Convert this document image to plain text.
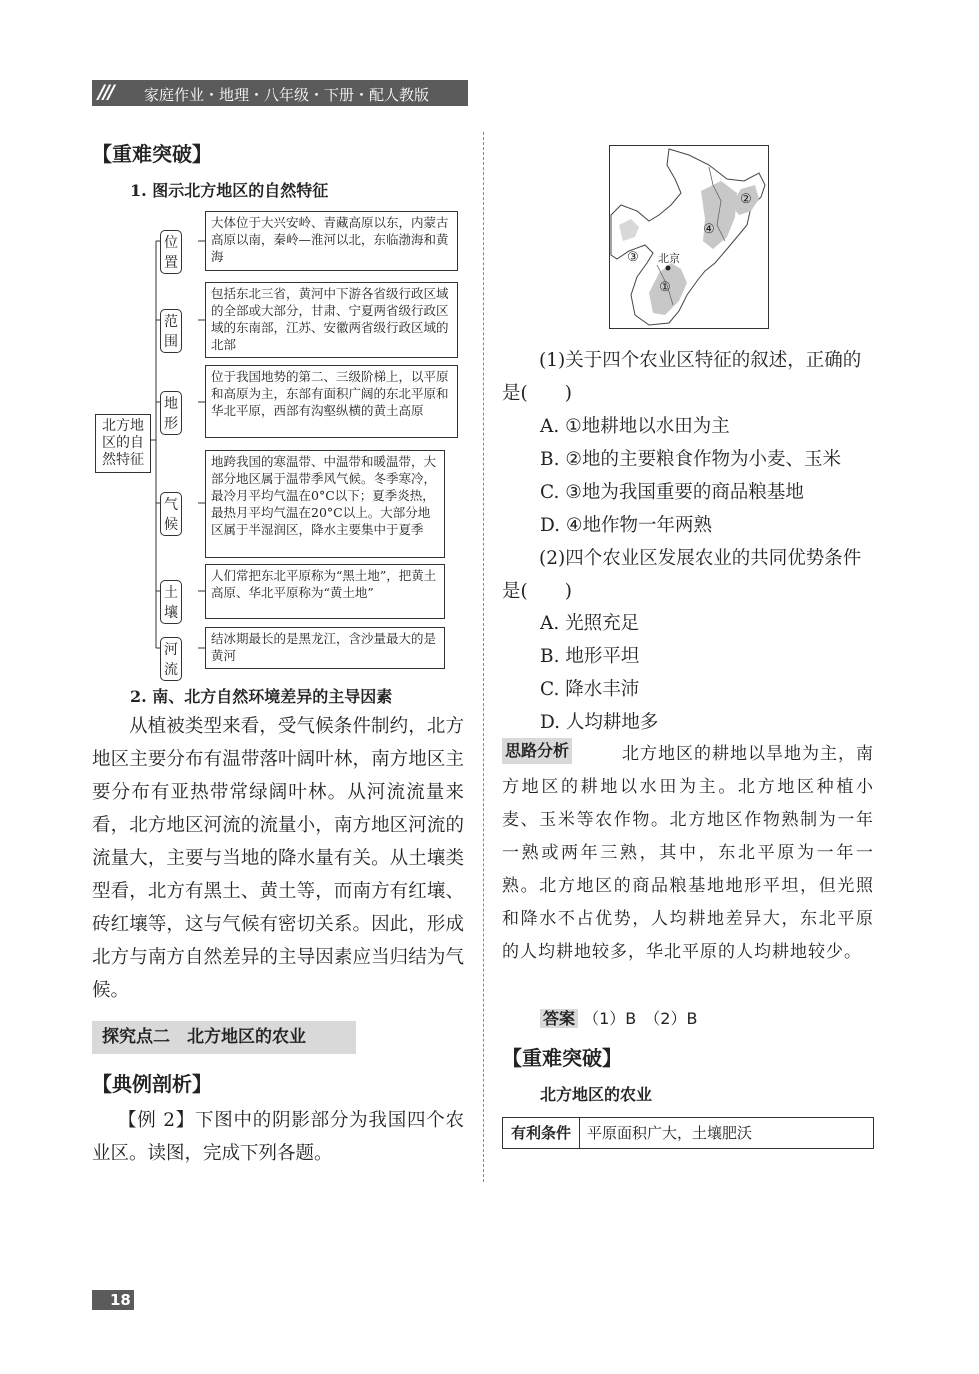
/// 家庭作业・地理・八年级・下册・配人教版
【重难突破】
1. 图示北方地区的自然特征
北方地区的自然特征
位置
大体位于大兴安岭、青藏高原以东，内蒙古高原以南，秦岭—淮河以北，东临渤海和黄海
范围
包括东北三省，黄河中下游各省级行政区域的全部或大部分，甘肃、宁夏两省级行政区域的东南部，江苏、安徽两省级行政区域的北部
地形
位于我国地势的第二、三级阶梯上，以平原和高原为主，东部有面积广阔的东北平原和华北平原，西部有沟壑纵横的黄土高原
气候
地跨我国的寒温带、中温带和暖温带，大部分地区属于温带季风气候。冬季寒冷，最冷月平均气温在0°C以下；夏季炎热，最热月平均气温在20°C以上。大部分地区属于半湿润区，降水主要集中于夏季
土壤
人们常把东北平原称为“黑土地”，把黄土高原、华北平原称为“黄土地”
河流
结冰期最长的是黑龙江，含沙量最大的是黄河
2. 南、北方自然环境差异的主导因素
从植被类型来看，受气候条件制约，北方地区主要分布有温带落叶阔叶林，南方地区主要分布有亚热带常绿阔叶林。从河流流量来看，北方地区河流的流量小，南方地区河流的流量大，主要与当地的降水量有关。从土壤类型看，北方有黑土、黄土等，而南方有红壤、砖红壤等，这与气候有密切关系。因此，形成北方与南方自然差异的主导因素应当归结为气候。
探究点二　北方地区的农业
【典例剖析】
【例 2】下图中的阴影部分为我国四个农业区。读图，完成下列各题。
①
②
③
④
北京
(1)关于四个农业区特征的叙述，正确的是(　　)
A. ①地耕地以水田为主
B. ②地的主要粮食作物为小麦、玉米
C. ③地为我国重要的商品粮基地
D. ④地作物一年两熟
(2)四个农业区发展农业的共同优势条件是(　　)
A. 光照充足
B. 地形平坦
C. 降水丰沛
D. 人均耕地多
思路分析	北方地区的耕地以旱地为主，南方地区的耕地以水田为主。北方地区种植小麦、玉米等农作物。北方地区作物熟制为一年一熟或两年三熟，其中，东北平原为一年一熟。北方地区的商品粮基地地形平坦，但光照和降水不占优势，人均耕地差异大，东北平原的人均耕地较多，华北平原的人均耕地较少。
答案 （1）B　（2）B
【重难突破】
北方地区的农业
有利条件	平原面积广大，土壤肥沃
18
